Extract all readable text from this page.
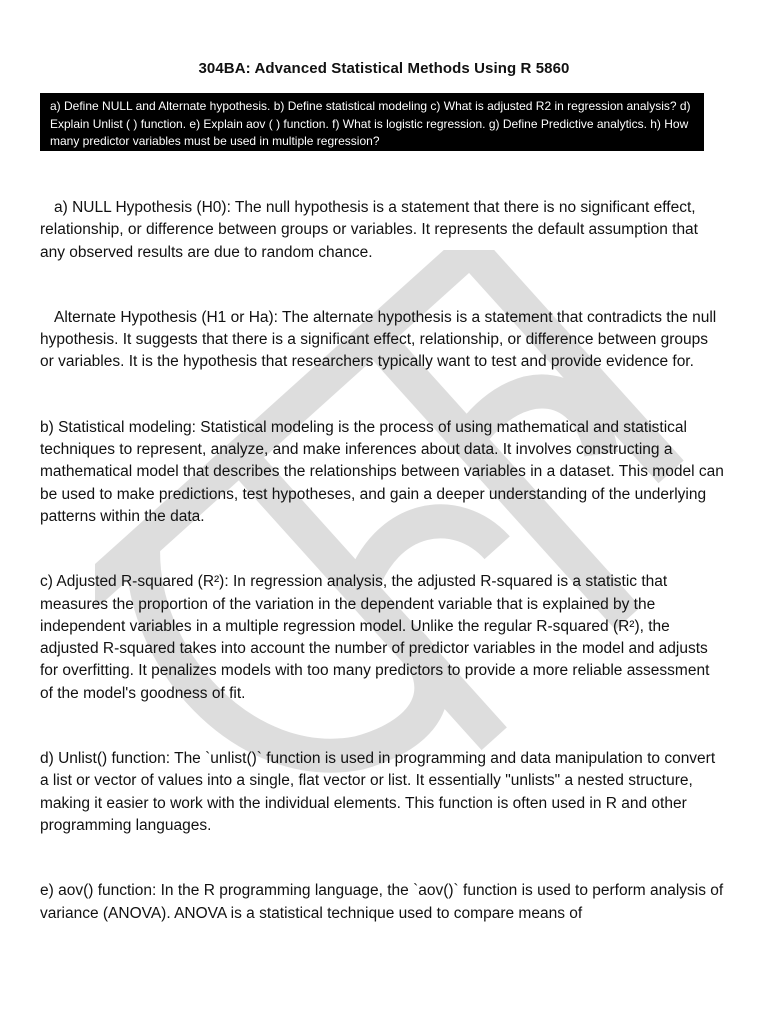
304BA: Advanced Statistical Methods Using R 5860
a) Define NULL and Alternate hypothesis. b) Define statistical modeling c) What is adjusted R2 in regression analysis? d) Explain Unlist ( ) function. e) Explain aov ( ) function. f) What is logistic regression. g) Define Predictive analytics. h) How many predictor variables must be used in multiple regression?

a) NULL Hypothesis (H0): The null hypothesis is a statement that there is no significant effect, relationship, or difference between groups or variables. It represents the default assumption that any observed results are due to random chance.

Alternate Hypothesis (H1 or Ha): The alternate hypothesis is a statement that contradicts the null hypothesis. It suggests that there is a significant effect, relationship, or difference between groups or variables. It is the hypothesis that researchers typically want to test and provide evidence for.

b) Statistical modeling: Statistical modeling is the process of using mathematical and statistical techniques to represent, analyze, and make inferences about data. It involves constructing a mathematical model that describes the relationships between variables in a dataset. This model can be used to make predictions, test hypotheses, and gain a deeper understanding of the underlying patterns within the data.

c) Adjusted R-squared (R²): In regression analysis, the adjusted R-squared is a statistic that measures the proportion of the variation in the dependent variable that is explained by the independent variables in a multiple regression model. Unlike the regular R-squared (R²), the adjusted R-squared takes into account the number of predictor variables in the model and adjusts for overfitting. It penalizes models with too many predictors to provide a more reliable assessment of the model's goodness of fit.

d) Unlist() function: The `unlist()` function is used in programming and data manipulation to convert a list or vector of values into a single, flat vector or list. It essentially "unlists" a nested structure, making it easier to work with the individual elements. This function is often used in R and other programming languages.

e) aov() function: In the R programming language, the `aov()` function is used to perform analysis of variance (ANOVA). ANOVA is a statistical technique used to compare means of
